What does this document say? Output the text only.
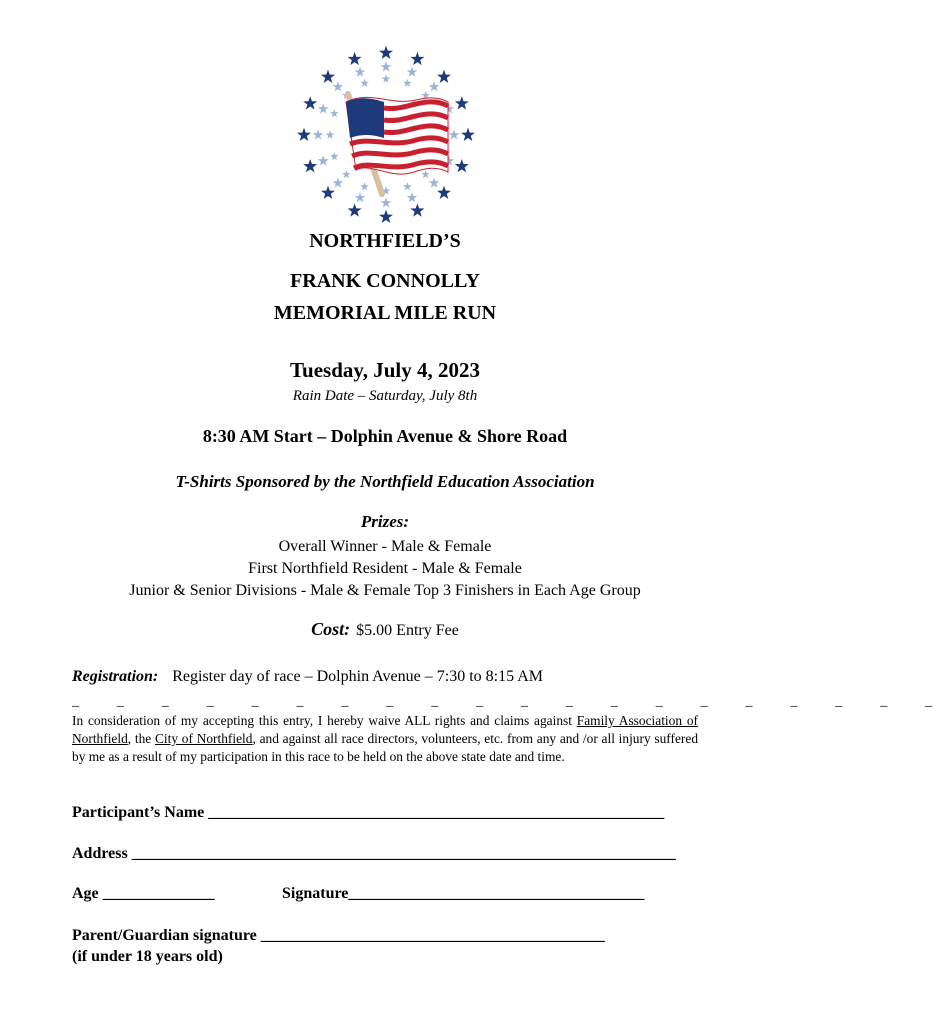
NORTHFIELD’S
FRANK CONNOLLY
MEMORIAL MILE RUN
Tuesday, July 4, 2023
Rain Date – Saturday, July 8th
8:30 AM Start – Dolphin Avenue & Shore Road
T-Shirts Sponsored by the Northfield Education Association
Prizes:
Overall Winner - Male & Female
First Northfield Resident - Male & Female
Junior & Senior Divisions - Male & Female Top 3 Finishers in Each Age Group
Cost: $5.00 Entry Fee
Registration: Register day of race – Dolphin Avenue – 7:30 to 8:15 AM
_ _ _ _ _ _ _ _ _ _ _ _ _ _ _ _ _ _ _ _
In consideration of my accepting this entry, I hereby waive ALL rights and claims against Family Association of Northfield, the City of Northfield, and against all race directors, volunteers, etc. from any and /or all injury suffered by me as a result of my participation in this race to be held on the above state date and time.
Participant’s Name _________________________________________________________
Address ____________________________________________________________________
Age ______________	Signature_____________________________________
Parent/Guardian signature ___________________________________________
(if under 18 years old)
